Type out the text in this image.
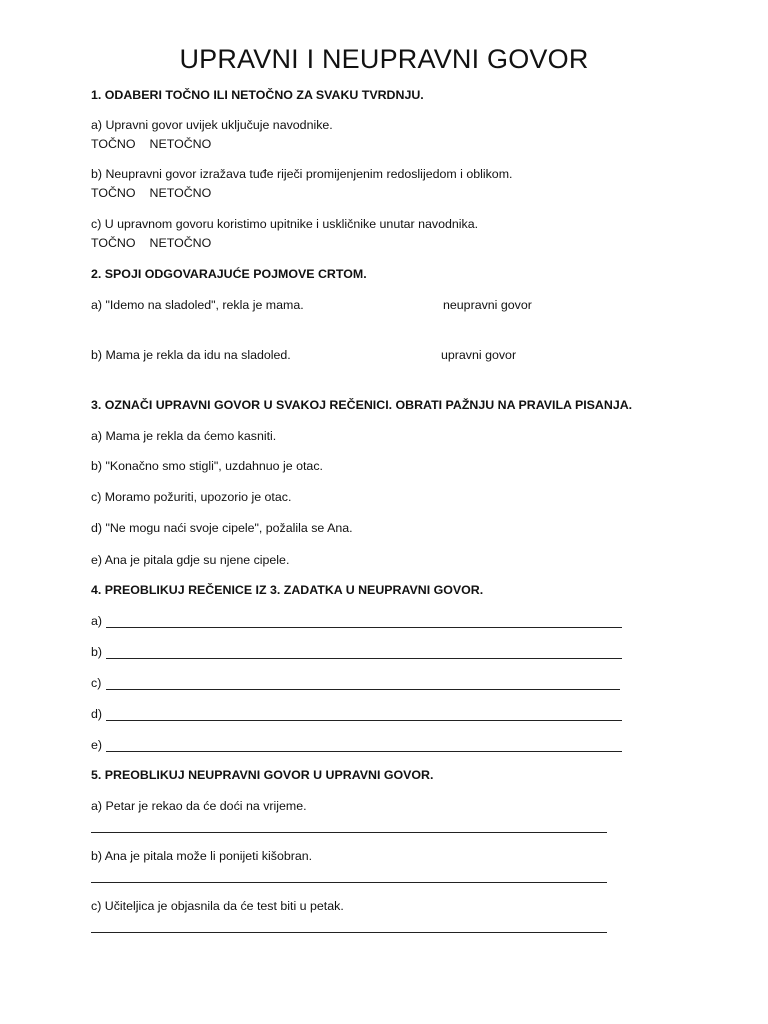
UPRAVNI I NEUPRAVNI GOVOR
1. ODABERI TOČNO ILI NETOČNO ZA SVAKU TVRDNJU.
a) Upravni govor uvijek uključuje navodnike.
TOČNO NETOČNO
b) Neupravni govor izražava tuđe riječi promijenjenim redoslijedom i oblikom.
TOČNO NETOČNO
c) U upravnom govoru koristimo upitnike i uskličnike unutar navodnika.
TOČNO NETOČNO
2. SPOJI ODGOVARAJUĆE POJMOVE CRTOM.
a) "Idemo na sladoled", rekla je mama.	neupravni govor
b) Mama je rekla da idu na sladoled.	upravni govor
3. OZNAČI UPRAVNI GOVOR U SVAKOJ REČENICI. OBRATI PAŽNJU NA PRAVILA PISANJA.
a) Mama je rekla da ćemo kasniti.
b) "Konačno smo stigli", uzdahnuo je otac.
c) Moramo požuriti, upozorio je otac.
d) "Ne mogu naći svoje cipele", požalila se Ana.
e) Ana je pitala gdje su njene cipele.
4. PREOBLIKUJ REČENICE IZ 3. ZADATKA U NEUPRAVNI GOVOR.
a)
b)
c)
d)
e)
5. PREOBLIKUJ NEUPRAVNI GOVOR U UPRAVNI GOVOR.
a) Petar je rekao da će doći na vrijeme.
b) Ana je pitala može li ponijeti kišobran.
c) Učiteljica je objasnila da će test biti u petak.
